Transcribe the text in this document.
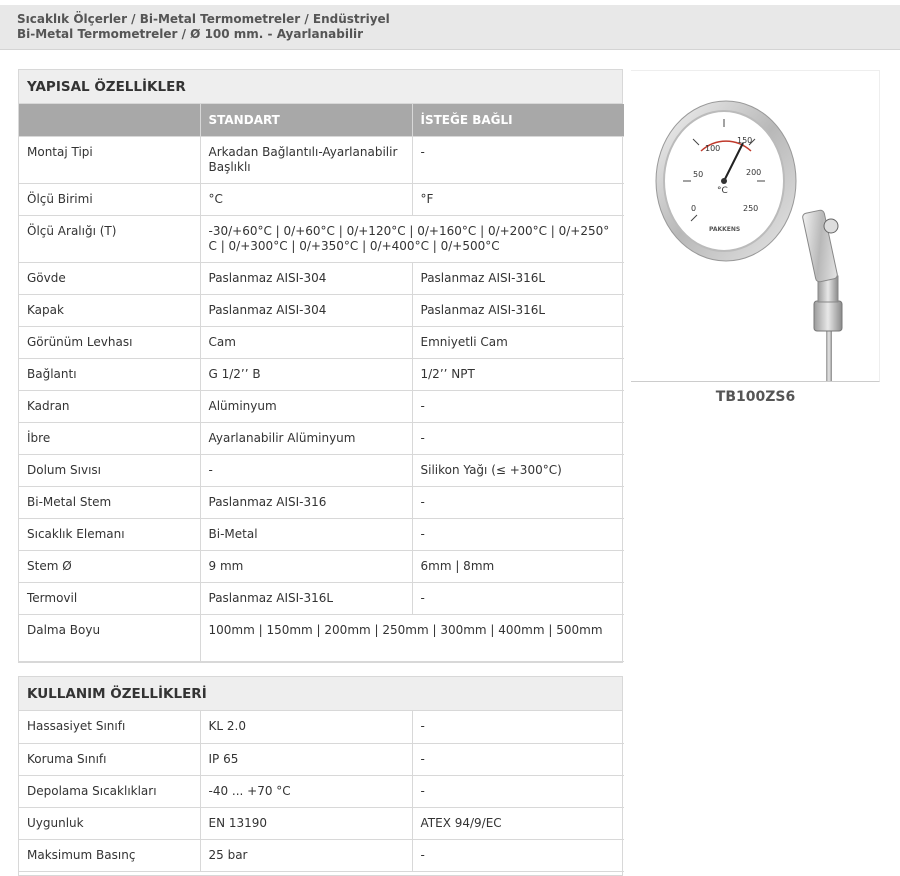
Sıcaklık Ölçerler / Bi-Metal Termometreler / Endüstriyel
Bi-Metal Termometreler / Ø 100 mm. - Ayarlanabilir
YAPISAL ÖZELLİKLER
	STANDART	İSTEĞE BAĞLI
Montaj Tipi	Arkadan Bağlantılı-Ayarlanabilir Başlıklı	-
Ölçü Birimi	°C	°F
Ölçü Aralığı (T)	-30/+60°C | 0/+60°C | 0/+120°C | 0/+160°C | 0/+200°C | 0/+250°C | 0/+300°C | 0/+350°C | 0/+400°C | 0/+500°C	
Gövde	Paslanmaz AISI-304	Paslanmaz AISI-316L
Kapak	Paslanmaz AISI-304	Paslanmaz AISI-316L
Görünüm Levhası	Cam	Emniyetli Cam
Bağlantı	G 1/2’’ B	1/2’’ NPT
Kadran	Alüminyum	-
İbre	Ayarlanabilir Alüminyum	-
Dolum Sıvısı	-	Silikon Yağı (≤ +300°C)
Bi-Metal Stem	Paslanmaz AISI-316	-
Sıcaklık Elemanı	Bi-Metal	-
Stem Ø	9 mm	6mm | 8mm
Termovil	Paslanmaz AISI-316L	-
Dalma Boyu	100mm | 150mm | 200mm | 250mm | 300mm | 400mm | 500mm	
KULLANIM ÖZELLİKLERİ
Hassasiyet Sınıfı	KL 2.0	-
Koruma Sınıfı	IP 65	-
Depolama Sıcaklıkları	-40 ... +70 °C	-
Uygunluk	EN 13190	ATEX 94/9/EC
Maksimum Basınç	25 bar	-
0
50
100
150
200
250
°C
PAKKENS
TB100ZS6
